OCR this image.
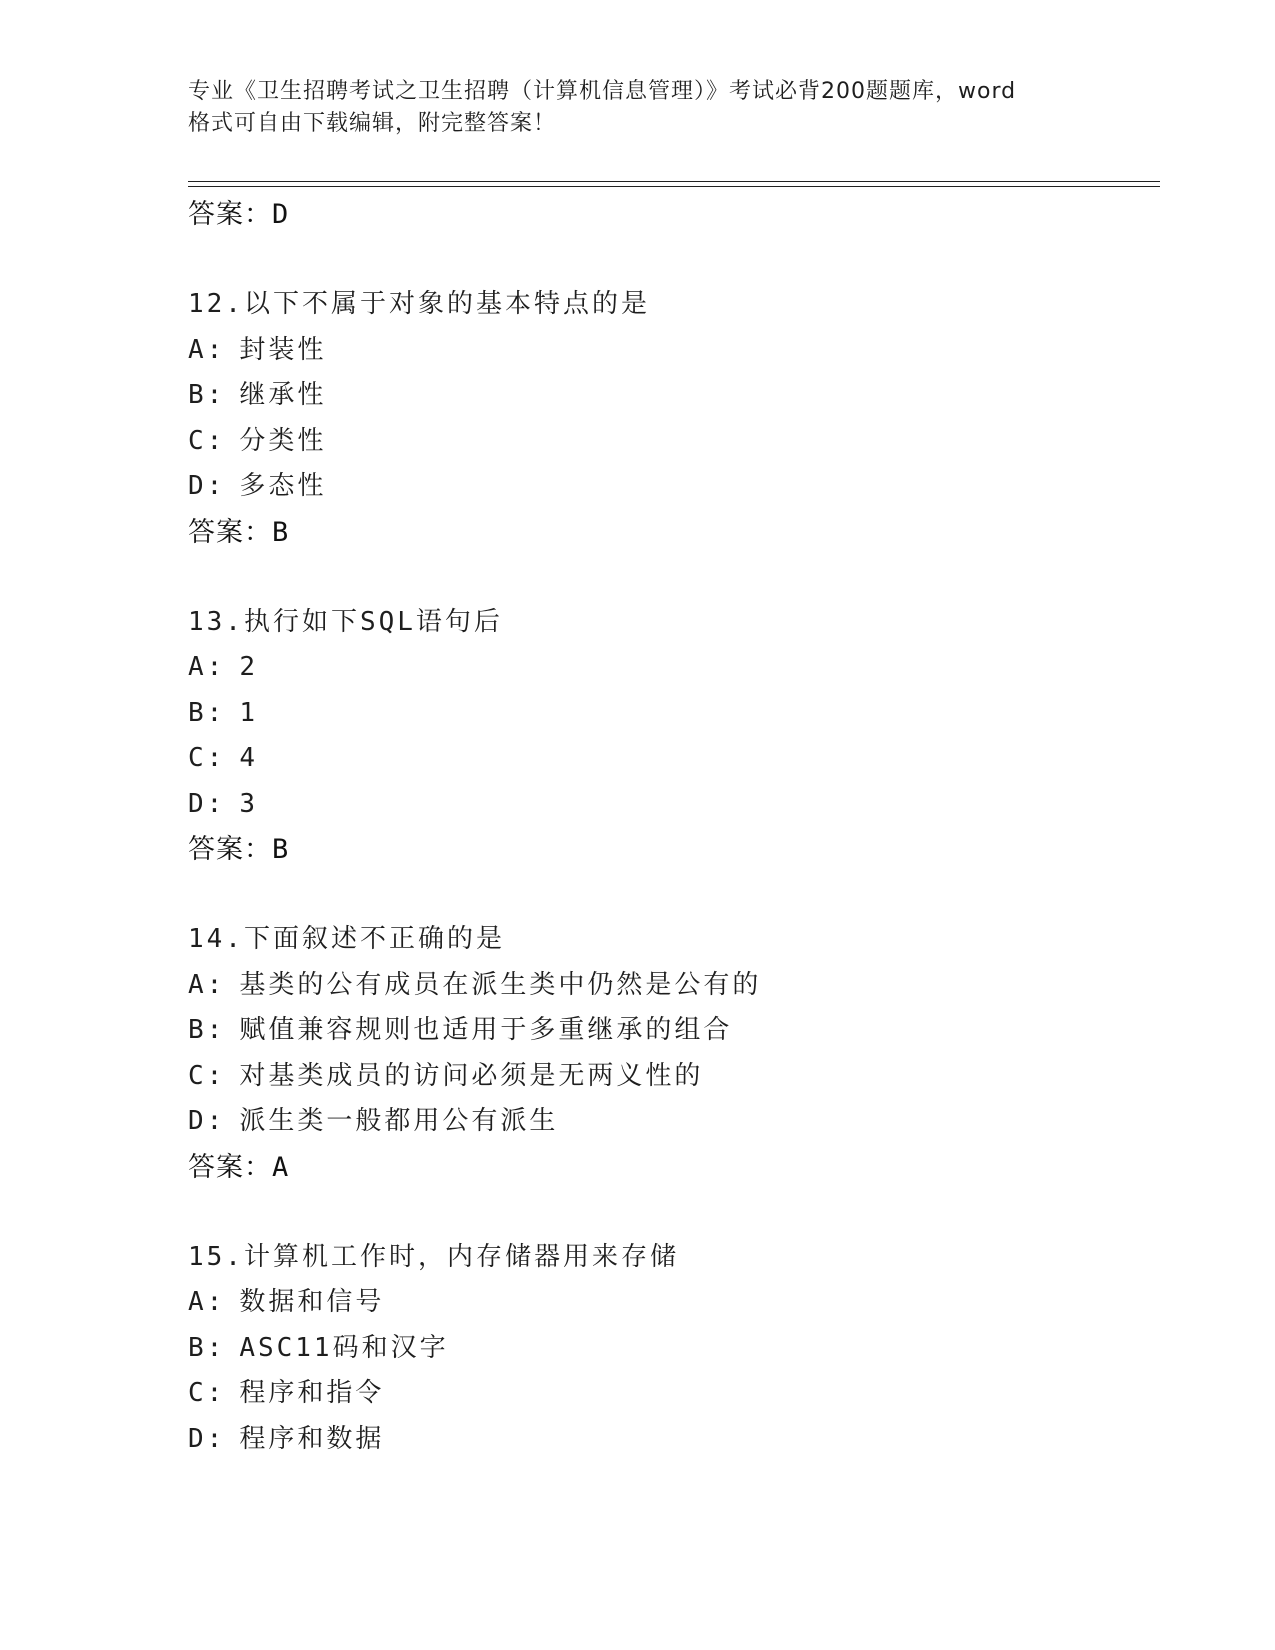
专业《卫生招聘考试之卫生招聘（计算机信息管理）》考试必背200题题库，word
格式可自由下载编辑，附完整答案！
答案：D
12.以下不属于对象的基本特点的是
A: 封装性
B: 继承性
C: 分类性
D: 多态性
答案：B
13.执行如下SQL语句后
A: 2
B: 1
C: 4
D: 3
答案：B
14.下面叙述不正确的是
A: 基类的公有成员在派生类中仍然是公有的
B: 赋值兼容规则也适用于多重继承的组合
C: 对基类成员的访问必须是无两义性的
D: 派生类一般都用公有派生
答案：A
15.计算机工作时，内存储器用来存储
A: 数据和信号
B: ASC11码和汉字
C: 程序和指令
D: 程序和数据
